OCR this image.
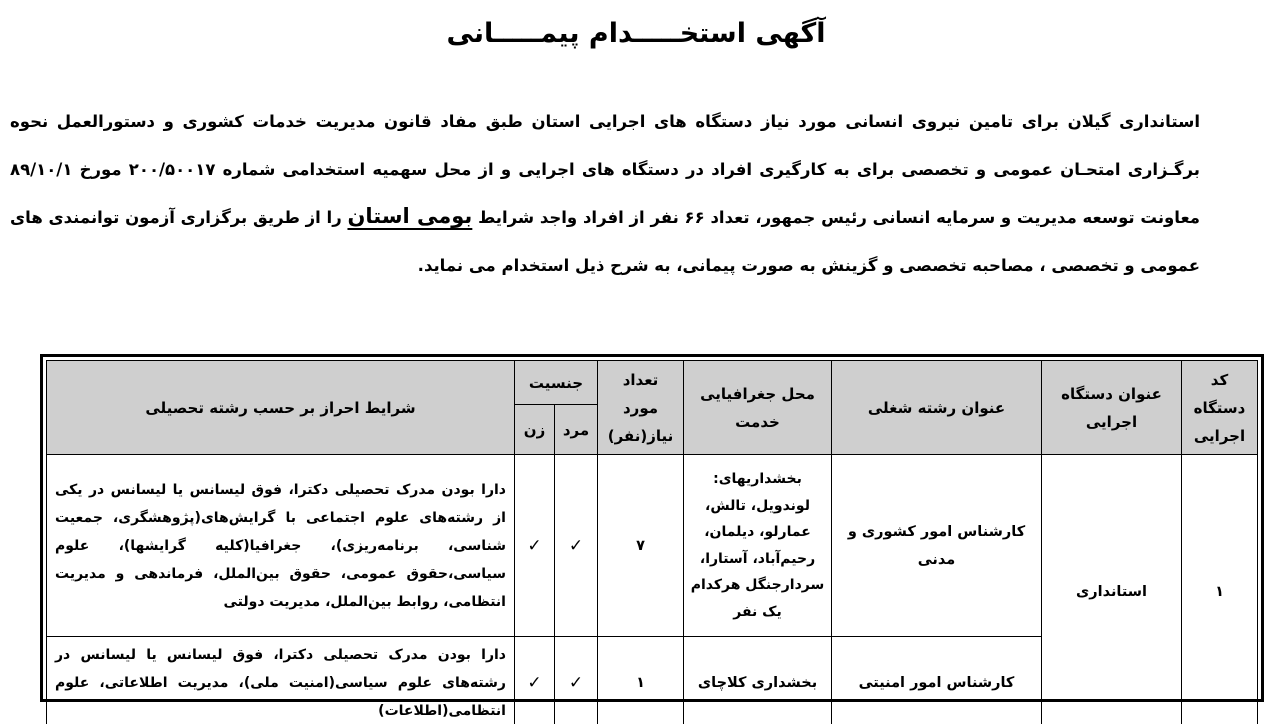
آگهی استخـــــدام پیمـــــانی

استانداری گیلان برای تامین نیروی انسانی مورد نیاز دستگاه های اجرایی استان طبق مفاد قانون مدیریت خدمات کشوری و دستورالعمل نحوه برگـزاری امتحـان عمومی و تخصصی برای به کارگیری افراد در دستگاه های اجرایی و از محل سهمیه استخدامی شماره ۲۰۰/۵۰۰۱۷ مورخ ۸۹/۱۰/۱ معاونت توسعه مدیریت و سرمایه انسانی رئیس جمهور، تعداد ۶۶ نفر از افراد واجد شرایط بومی استان را از طریق برگزاری آزمون توانمندی های عمومی و تخصصی ، مصاحبه تخصصی و گزینش به صورت پیمانی، به شرح ذیل استخدام می نماید.

کد دستگاه اجرایی	عنوان دستگاه اجرایی	عنوان رشته شغلی	محل جغرافیایی خدمت	تعداد مورد نیاز(نفر)	جنسیت		شرایط احراز بر حسب رشته تحصیلی
					مرد	زن	
۱	استانداری	کارشناس امور کشوری و مدنی	بخشداریهای: لوندویل، تالش، عمارلو، دیلمان، رحیم‌آباد، آستارا، سردارجنگل هرکدام یک نفر	۷	✓	✓	دارا بودن مدرک تحصیلی دکترا، فوق لیسانس یا لیسانس در یکی از رشته‌های علوم اجتماعی با گرایش‌های(پژوهشگری، جمعیت شناسی، برنامه‌ریزی)، جغرافیا(کلیه گرایشها)، علوم سیاسی،حقوق عمومی، حقوق بین‌الملل، فرماندهی و مدیریت انتظامی، روابط بین‌الملل، مدیریت دولتی
		کارشناس امور امنیتی	بخشداری کلاچای	۱	✓	✓	دارا بودن مدرک تحصیلی دکترا، فوق لیسانس یا لیسانس در رشته‌های علوم سیاسی(امنیت ملی)، مدیریت اطلاعاتی، علوم انتظامی(اطلاعات)
